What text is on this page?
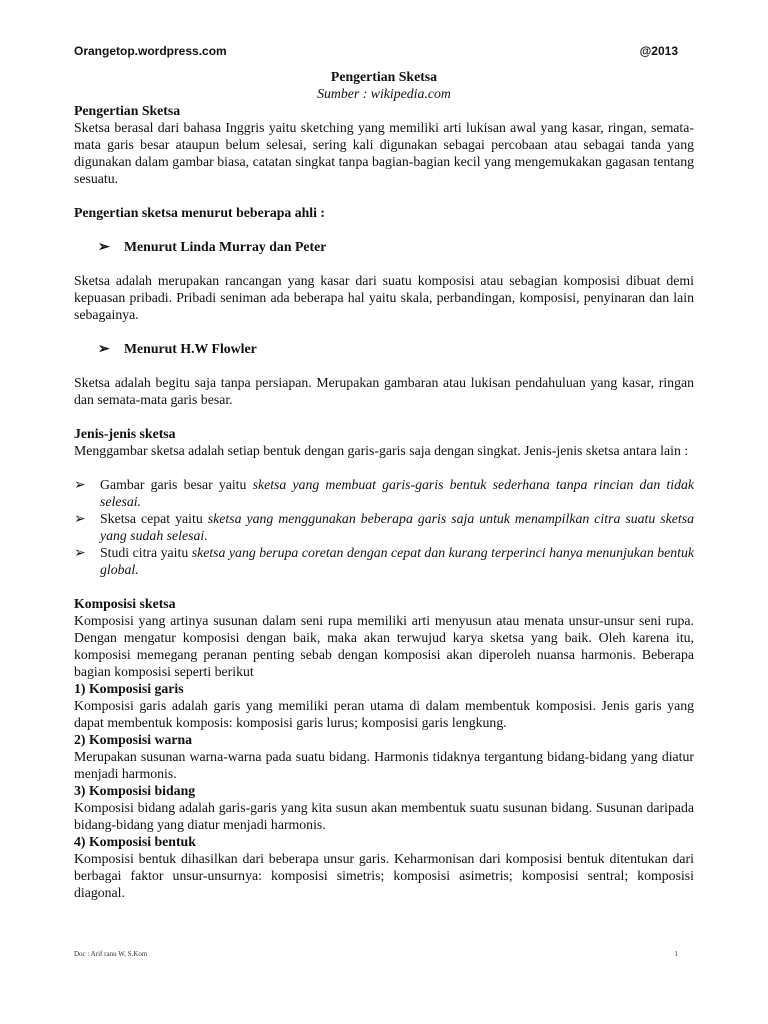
Orangetop.wordpress.com	@2013

Pengertian Sketsa

Sumber : wikipedia.com

Pengertian Sketsa

Sketsa berasal dari bahasa Inggris yaitu sketching yang memiliki arti lukisan awal yang kasar, ringan, semata-mata garis besar ataupun belum selesai, sering kali digunakan sebagai percobaan atau sebagai tanda yang digunakan dalam gambar biasa, catatan singkat tanpa bagian-bagian kecil yang mengemukakan gagasan tentang sesuatu.

Pengertian sketsa menurut beberapa ahli :

➢ Menurut Linda Murray dan Peter

Sketsa adalah merupakan rancangan yang kasar dari suatu komposisi atau sebagian komposisi dibuat demi kepuasan pribadi. Pribadi seniman ada beberapa hal yaitu skala, perbandingan, komposisi, penyinaran dan lain sebagainya.

➢ Menurut H.W Flowler

Sketsa adalah begitu saja tanpa persiapan. Merupakan gambaran atau lukisan pendahuluan yang kasar, ringan dan semata-mata garis besar.

Jenis-jenis sketsa

Menggambar sketsa adalah setiap bentuk dengan garis-garis saja dengan singkat. Jenis-jenis sketsa antara lain :

➢ Gambar garis besar yaitu sketsa yang membuat garis-garis bentuk sederhana tanpa rincian dan tidak selesai.

➢ Sketsa cepat yaitu sketsa yang menggunakan beberapa garis saja untuk menampilkan citra suatu sketsa yang sudah selesai.

➢ Studi citra yaitu sketsa yang berupa coretan dengan cepat dan kurang terperinci hanya menunjukan bentuk global.

Komposisi sketsa

Komposisi yang artinya susunan dalam seni rupa memiliki arti menyusun atau menata unsur-unsur seni rupa. Dengan mengatur komposisi dengan baik, maka akan terwujud karya sketsa yang baik. Oleh karena itu, komposisi memegang peranan penting sebab dengan komposisi akan diperoleh nuansa harmonis. Beberapa bagian komposisi seperti berikut

1) Komposisi garis

Komposisi garis adalah garis yang memiliki peran utama di dalam membentuk komposisi. Jenis garis yang dapat membentuk komposis: komposisi garis lurus; komposisi garis lengkung.

2) Komposisi warna

Merupakan susunan warna-warna pada suatu bidang. Harmonis tidaknya tergantung bidang-bidang yang diatur menjadi harmonis.

3) Komposisi bidang

Komposisi bidang adalah garis-garis yang kita susun akan membentuk suatu susunan bidang. Susunan daripada bidang-bidang yang diatur menjadi harmonis.

4) Komposisi bentuk

Komposisi bentuk dihasilkan dari beberapa unsur garis. Keharmonisan dari komposisi bentuk ditentukan dari berbagai faktor unsur-unsurnya: komposisi simetris; komposisi asimetris; komposisi sentral; komposisi diagonal.

Doc : Arif ranu W, S.Kom	1
